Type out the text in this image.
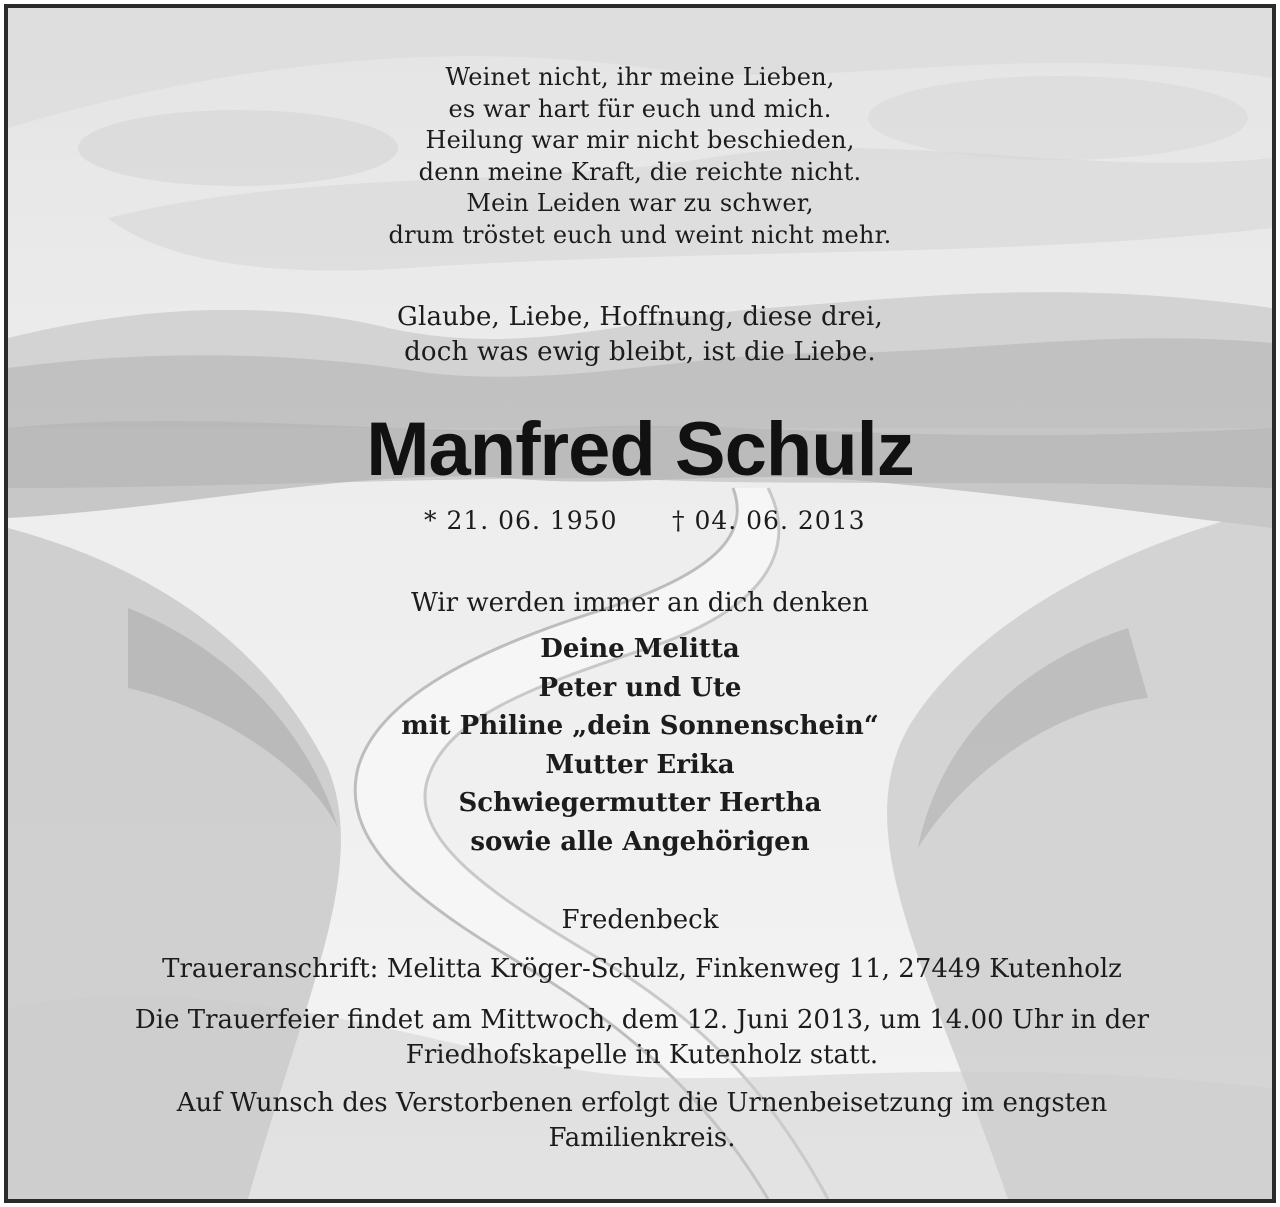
Weinet nicht, ihr meine Lieben,
es war hart für euch und mich.
Heilung war mir nicht beschieden,
denn meine Kraft, die reichte nicht.
Mein Leiden war zu schwer,
drum tröstet euch und weint nicht mehr.
Glaube, Liebe, Hoffnung, diese drei,
doch was ewig bleibt, ist die Liebe.
Manfred Schulz
* 21. 06. 1950 † 04. 06. 2013
Wir werden immer an dich denken
Deine Melitta
Peter und Ute
mit Philine „dein Sonnenschein“
Mutter Erika
Schwiegermutter Hertha
sowie alle Angehörigen
Fredenbeck
Traueranschrift: Melitta Kröger-Schulz, Finkenweg 11, 27449 Kutenholz
Die Trauerfeier findet am Mittwoch, dem 12. Juni 2013, um 14.00 Uhr in der Friedhofskapelle in Kutenholz statt.
Auf Wunsch des Verstorbenen erfolgt die Urnenbeisetzung im engsten Familienkreis.
